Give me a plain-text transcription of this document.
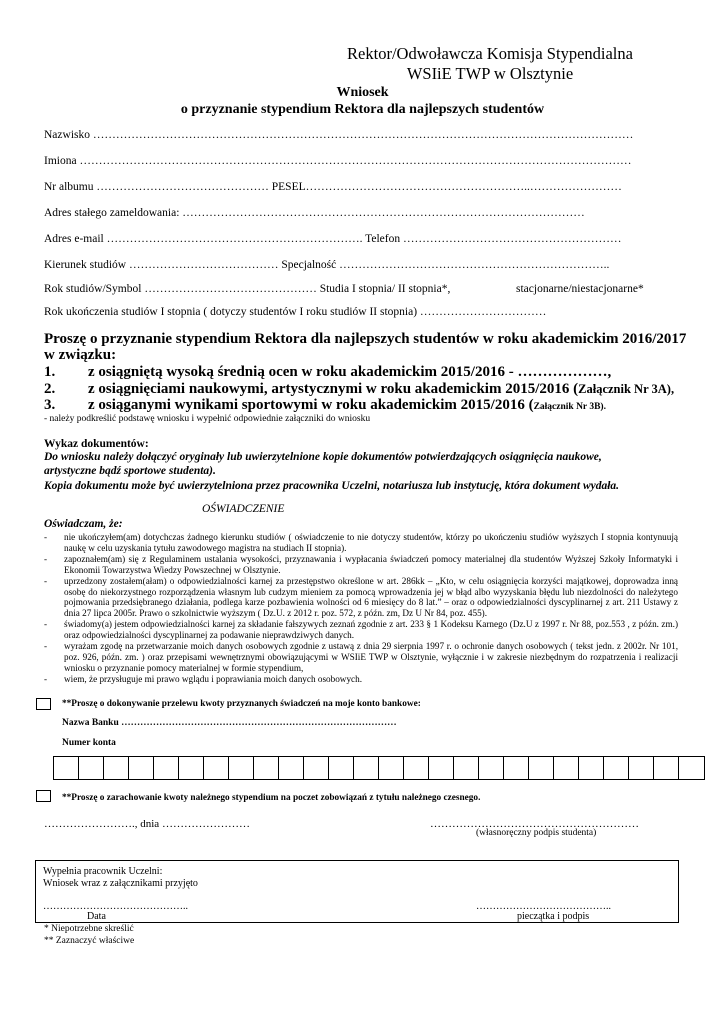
Rektor/Odwoławcza Komisja Stypendialna
WSIiE TWP w Olsztynie
Wniosek
o przyznanie stypendium Rektora dla najlepszych studentów
Nazwisko ……………………………………………………………………………………………………………………………
Imiona ………………………………………………………………………………………………………………………………
Nr albumu ……………………………………… PESEL…………………………………………………..……………………
Adres stałego zameldowania: ……………………………………………………………………………………………
Adres e-mail …………………………………………………………. Telefon …………………………………………………
Kierunek studiów ………………………………… Specjalność ……………………………………………………………..
Rok studiów/Symbol ……………………………………… Studia I stopnia/ II stopnia*,	stacjonarne/niestacjonarne*
Rok ukończenia studiów I stopnia ( dotyczy studentów I roku studiów II stopnia) ……………………………
Proszę o przyznanie stypendium Rektora dla najlepszych studentów w roku akademickim 2016/2017
w związku:
1. z osiągniętą wysoką średnią ocen w roku akademickim 2015/2016 - ………………,
2. z osiągnięciami naukowymi, artystycznymi w roku akademickim 2015/2016 (Załącznik Nr 3A),
3. z osiąganymi wynikami sportowymi w roku akademickim 2015/2016 (Załącznik Nr 3B).
- należy podkreślić podstawę wniosku i wypełnić odpowiednie załączniki do wniosku
Wykaz dokumentów:
Do wniosku należy dołączyć oryginały lub uwierzytelnione kopie dokumentów potwierdzających osiągnięcia naukowe,
artystyczne bądź sportowe studenta).
Kopia dokumentu może być uwierzytelniona przez pracownika Uczelni, notariusza lub instytucję, która dokument wydała.
OŚWIADCZENIE
Oświadczam, że:
- nie ukończyłem(am) dotychczas żadnego kierunku studiów ( oświadczenie to nie dotyczy studentów, którzy po ukończeniu studiów wyższych I stopnia kontynuują naukę w celu uzyskania tytułu zawodowego magistra na studiach II stopnia).
- zapoznałem(am) się z Regulaminem ustalania wysokości, przyznawania i wypłacania świadczeń pomocy materialnej dla studentów Wyższej Szkoły Informatyki i Ekonomii Towarzystwa Wiedzy Powszechnej w Olsztynie.
- uprzedzony zostałem(ałam) o odpowiedzialności karnej za przestępstwo określone w art. 286kk – „Kto, w celu osiągnięcia korzyści majątkowej, doprowadza inną osobę do niekorzystnego rozporządzenia własnym lub cudzym mieniem za pomocą wprowadzenia jej w błąd albo wyzyskania błędu lub niezdolności do należytego pojmowania przedsiębranego działania, podlega karze pozbawienia wolności od 6 miesięcy do 8 lat.” – oraz o odpowiedzialności dyscyplinarnej z art. 211 Ustawy z dnia 27 lipca 2005r. Prawo o szkolnictwie wyższym ( Dz.U. z 2012 r. poz. 572, z późn. zm, Dz U Nr 84, poz. 455).
- świadomy(a) jestem odpowiedzialności karnej za składanie fałszywych zeznań zgodnie z art. 233 § 1 Kodeksu Karnego (Dz.U z 1997 r. Nr 88, poz.553 , z późn. zm.) oraz odpowiedzialności dyscyplinarnej za podawanie nieprawdziwych danych.
- wyrażam zgodę na przetwarzanie moich danych osobowych zgodnie z ustawą z dnia 29 sierpnia 1997 r. o ochronie danych osobowych ( tekst jedn. z 2002r. Nr 101, poz. 926, późn. zm. ) oraz przepisami wewnętrznymi obowiązującymi w WSIiE TWP w Olsztynie, wyłącznie i w zakresie niezbędnym do rozpatrzenia i realizacji wniosku o przyznanie pomocy materialnej w formie stypendium,
- wiem, że przysługuje mi prawo wglądu i poprawiania moich danych osobowych.
**Proszę o dokonywanie przelewu kwoty przyznanych świadczeń na moje konto bankowe:
Nazwa Banku ……………………………………………………………………………
Numer konta
**Proszę o zarachowanie kwoty należnego stypendium na poczet zobowiązań z tytułu należnego czesnego.
……………………., dnia ……………………	…………………………………………………
(własnoręczny podpis studenta)
Wypełnia pracownik Uczelni:
Wniosek wraz z załącznikami przyjęto
……………………………………..
Data
…………………………………..
pieczątka i podpis
* Niepotrzebne skreślić
** Zaznaczyć właściwe
